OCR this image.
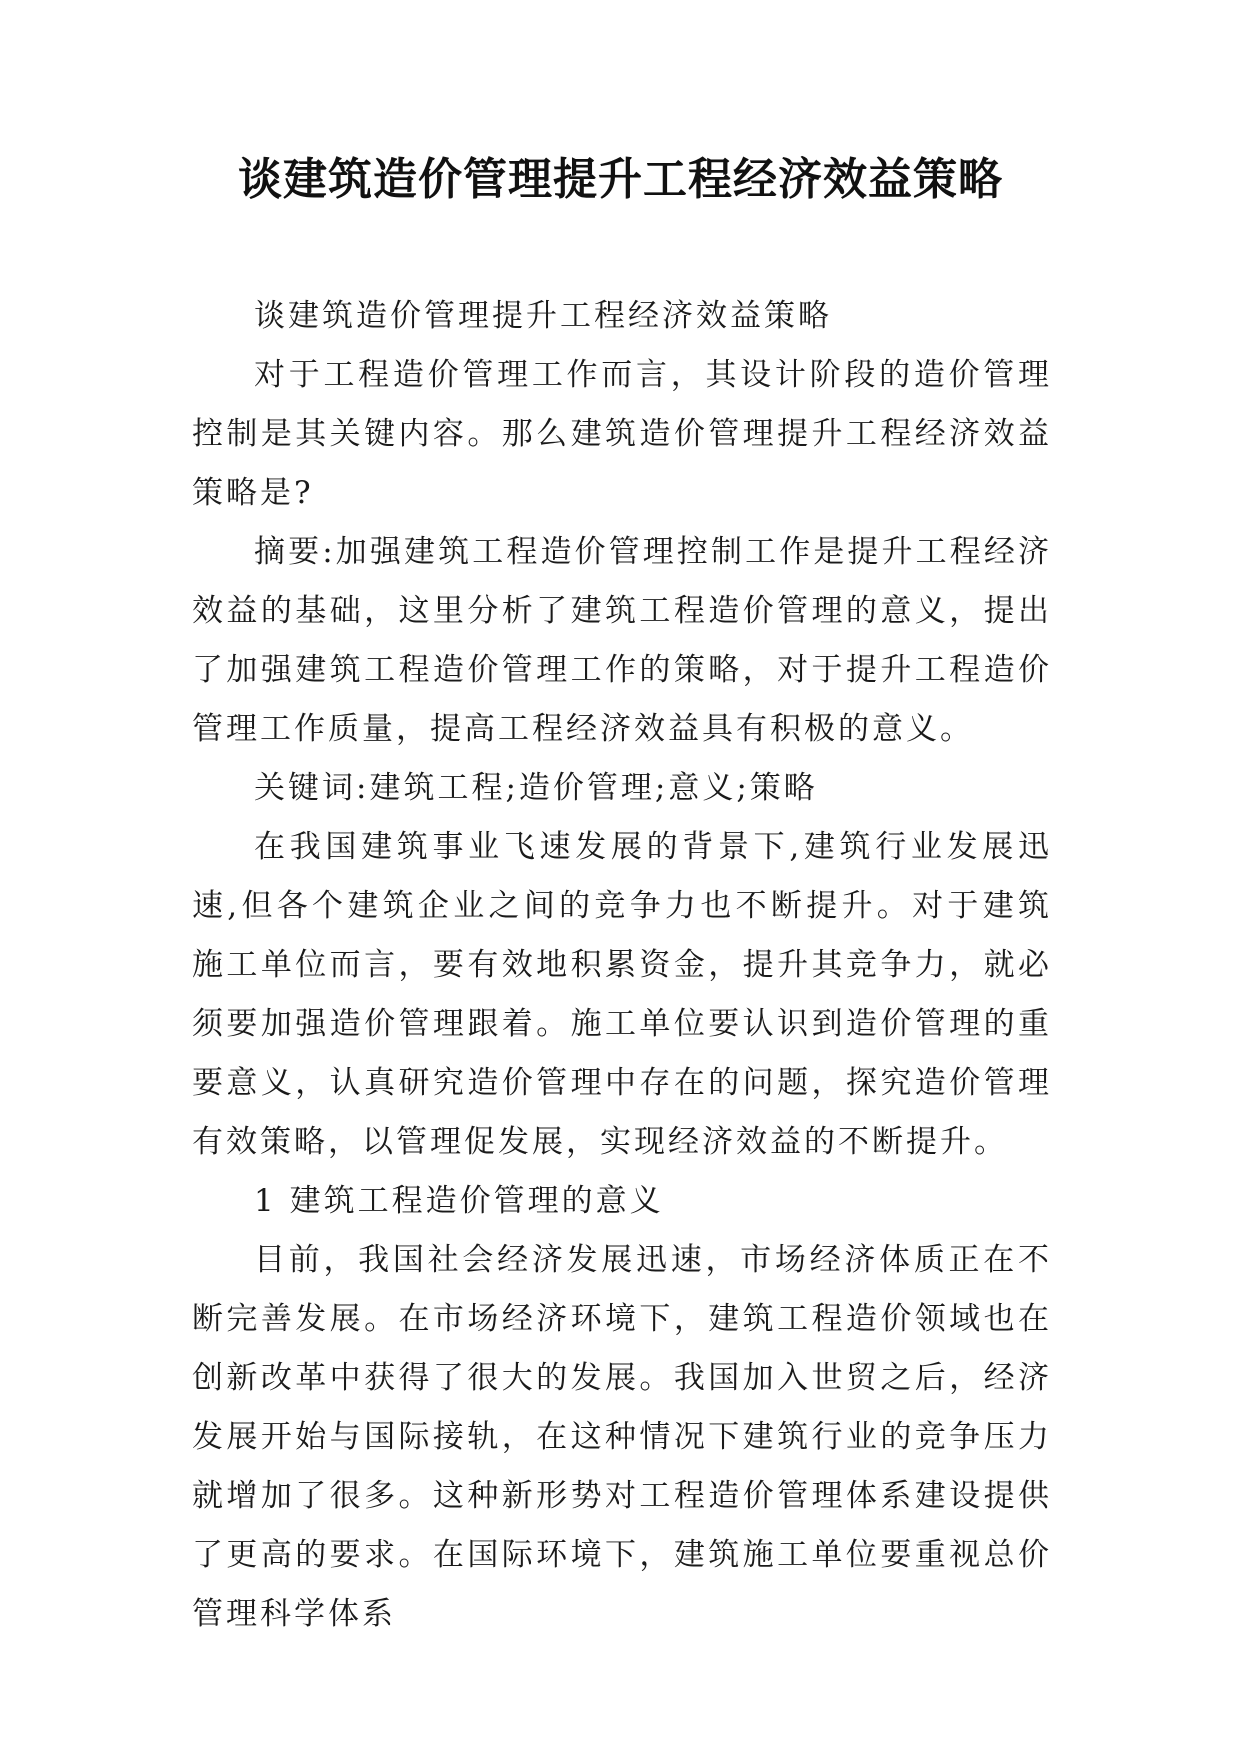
谈建筑造价管理提升工程经济效益策略

谈建筑造价管理提升工程经济效益策略

对于工程造价管理工作而言，其设计阶段的造价管理控制是其关键内容。那么建筑造价管理提升工程经济效益策略是?

摘要:加强建筑工程造价管理控制工作是提升工程经济效益的基础，这里分析了建筑工程造价管理的意义，提出了加强建筑工程造价管理工作的策略，对于提升工程造价管理工作质量，提高工程经济效益具有积极的意义。

关键词:建筑工程;造价管理;意义;策略

在我国建筑事业飞速发展的背景下,建筑行业发展迅速,但各个建筑企业之间的竞争力也不断提升。对于建筑施工单位而言，要有效地积累资金，提升其竞争力，就必须要加强造价管理跟着。施工单位要认识到造价管理的重要意义，认真研究造价管理中存在的问题，探究造价管理有效策略，以管理促发展，实现经济效益的不断提升。

1 建筑工程造价管理的意义

目前，我国社会经济发展迅速，市场经济体质正在不断完善发展。在市场经济环境下，建筑工程造价领域也在创新改革中获得了很大的发展。我国加入世贸之后，经济发展开始与国际接轨，在这种情况下建筑行业的竞争压力就增加了很多。这种新形势对工程造价管理体系建设提供了更高的要求。在国际环境下，建筑施工单位要重视总价管理科学体系
